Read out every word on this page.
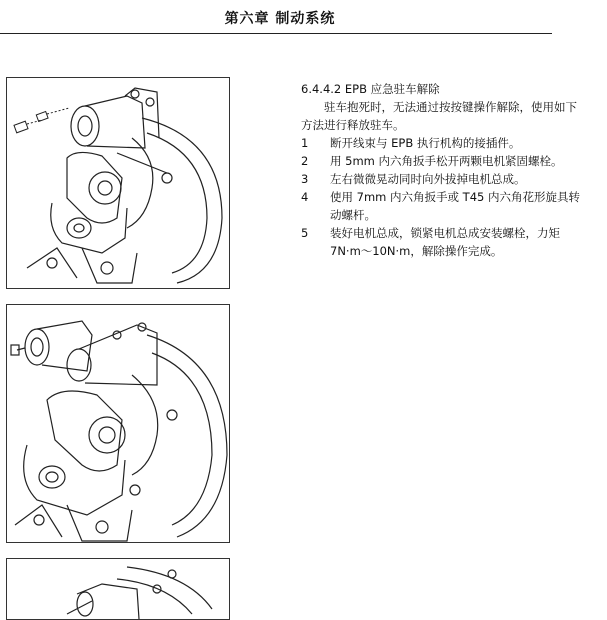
第六章 制动系统

6.4.4.2 EPB 应急驻车解除

驻车抱死时，无法通过按按键操作解除，使用如下方法进行释放驻车。

1	断开线束与 EPB 执行机构的接插件。
2	用 5mm 内六角扳手松开两颗电机紧固螺栓。
3	左右微微晃动同时向外拔掉电机总成。
4	使用 7mm 内六角扳手或 T45 内六角花形旋具转动螺杆。
5	装好电机总成，锁紧电机总成安装螺栓，力矩 7N·m～10N·m，解除操作完成。
